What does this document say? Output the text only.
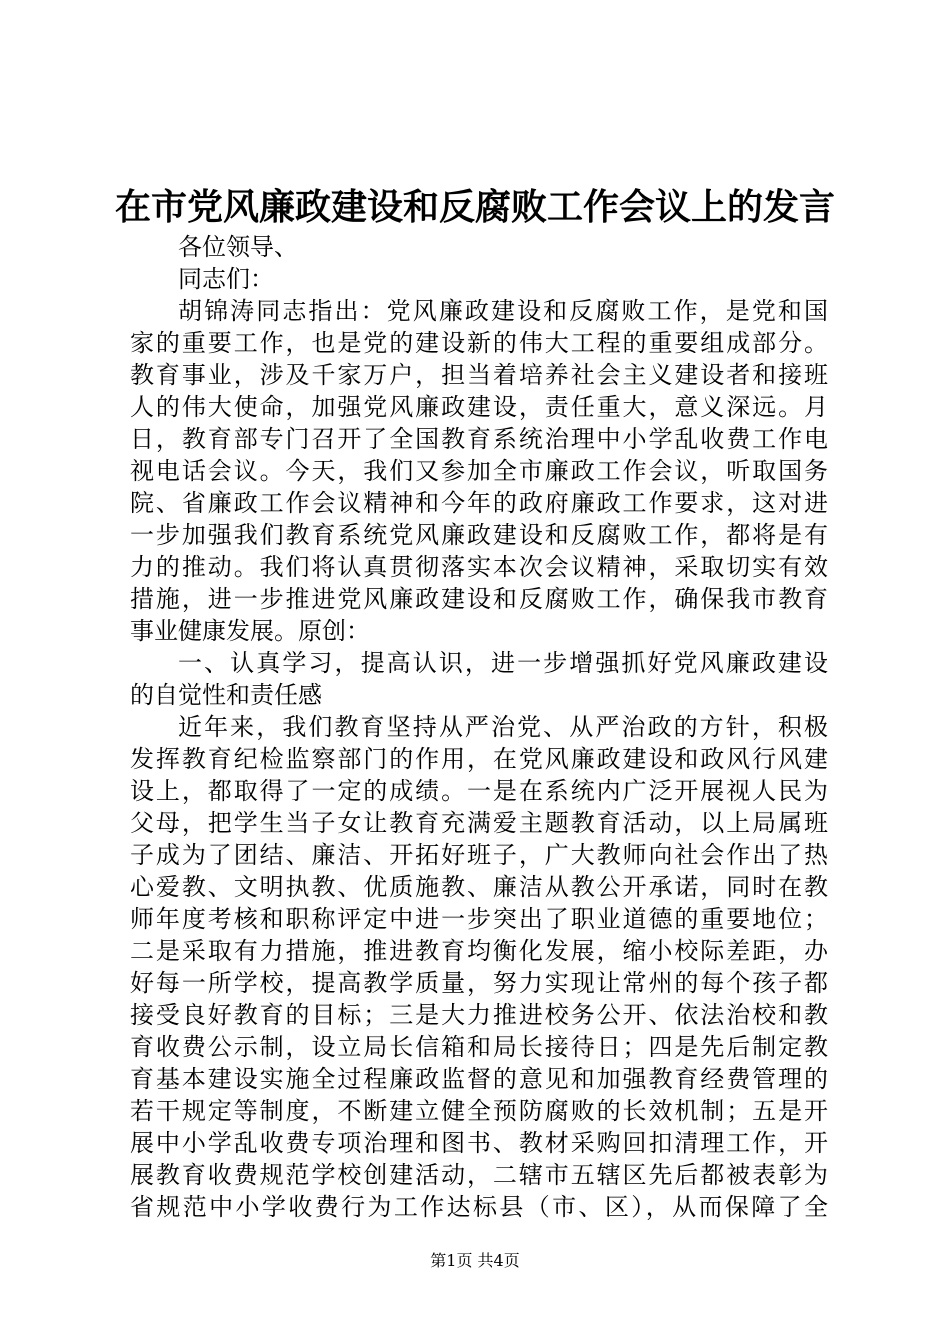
在市党风廉政建设和反腐败工作会议上的发言
各位领导、
同志们：
胡锦涛同志指出：党风廉政建设和反腐败工作，是党和国
家的重要工作，也是党的建设新的伟大工程的重要组成部分。
教育事业，涉及千家万户，担当着培养社会主义建设者和接班
人的伟大使命，加强党风廉政建设，责任重大，意义深远。月
日，教育部专门召开了全国教育系统治理中小学乱收费工作电
视电话会议。今天，我们又参加全市廉政工作会议，听取国务
院、省廉政工作会议精神和今年的政府廉政工作要求，这对进
一步加强我们教育系统党风廉政建设和反腐败工作，都将是有
力的推动。我们将认真贯彻落实本次会议精神，采取切实有效
措施，进一步推进党风廉政建设和反腐败工作，确保我市教育
事业健康发展。原创：
一、认真学习，提高认识，进一步增强抓好党风廉政建设
的自觉性和责任感
近年来，我们教育坚持从严治党、从严治政的方针，积极
发挥教育纪检监察部门的作用，在党风廉政建设和政风行风建
设上，都取得了一定的成绩。一是在系统内广泛开展视人民为
父母，把学生当子女让教育充满爱主题教育活动，以上局属班
子成为了团结、廉洁、开拓好班子，广大教师向社会作出了热
心爱教、文明执教、优质施教、廉洁从教公开承诺，同时在教
师年度考核和职称评定中进一步突出了职业道德的重要地位；
二是采取有力措施，推进教育均衡化发展，缩小校际差距，办
好每一所学校，提高教学质量，努力实现让常州的每个孩子都
接受良好教育的目标；三是大力推进校务公开、依法治校和教
育收费公示制，设立局长信箱和局长接待日；四是先后制定教
育基本建设实施全过程廉政监督的意见和加强教育经费管理的
若干规定等制度，不断建立健全预防腐败的长效机制；五是开
展中小学乱收费专项治理和图书、教材采购回扣清理工作，开
展教育收费规范学校创建活动，二辖市五辖区先后都被表彰为
省规范中小学收费行为工作达标县（市、区），从而保障了全
第1页 共4页
